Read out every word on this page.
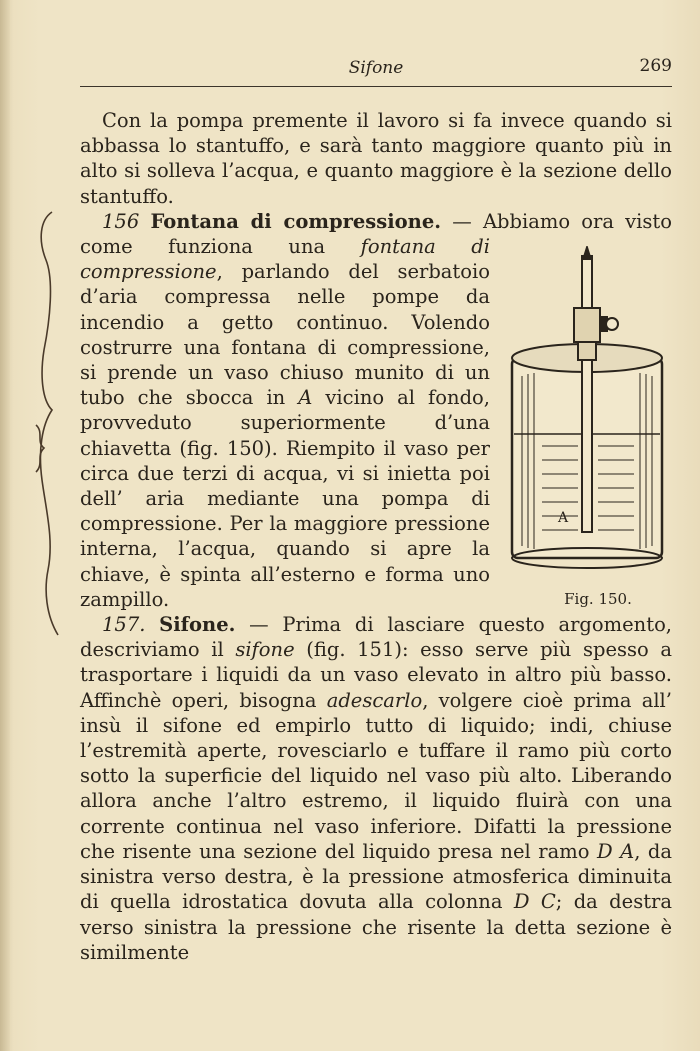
Sifone	269

Con la pompa premente il lavoro si fa invece quando si abbassa lo stantuffo, e sarà tanto maggiore quanto più in alto si solleva l’acqua, e quanto maggiore è la sezione dello stantuffo.

156 Fontana di compressione. — Abbiamo ora visto come funziona una
A
Fig. 150.
fontana di compressione, parlando del serbatoio d’aria compressa nelle pompe da incendio a getto continuo. Volendo costrurre una fontana di compressione, si prende un vaso chiuso munito di un tubo che sbocca in A vicino al fondo, provveduto superiormente d’una chiavetta (fig. 150). Riempito il vaso per circa due terzi di acqua, vi si inietta poi dell’ aria mediante una pompa di compressione. Per la maggiore pressione interna, l’acqua, quando si apre la chiave, è spinta all’esterno e forma uno zampillo.

157. Sifone. — Prima di lasciare questo argomento, descriviamo il sifone (fig. 151): esso serve più spesso a trasportare i liquidi da un vaso elevato in altro più basso. Affinchè operi, bisogna adescarlo, volgere cioè prima all’ insù il sifone ed empirlo tutto di liquido; indi, chiuse l’estremità aperte, rovesciarlo e tuffare il ramo più corto sotto la superficie del liquido nel vaso più alto. Liberando allora anche l’altro estremo, il liquido fluirà con una corrente continua nel vaso inferiore. Difatti la pressione che risente una sezione del liquido presa nel ramo D A, da sinistra verso destra, è la pressione atmosferica diminuita di quella idrostatica dovuta alla colonna D C; da destra verso sinistra la pressione che risente la detta sezione è similmente
